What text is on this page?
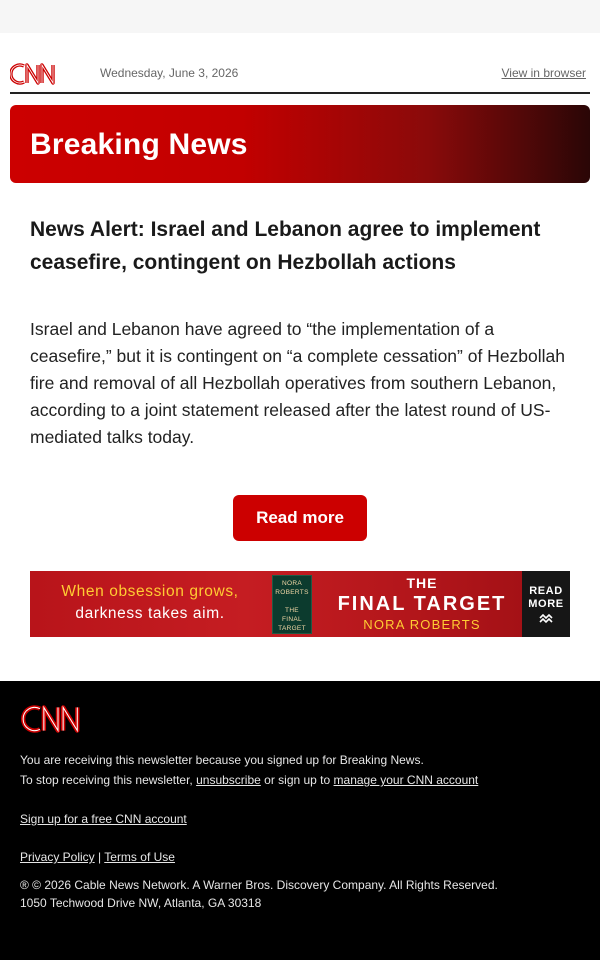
Wednesday, June 3, 2026	View in browser
Breaking News
News Alert: Israel and Lebanon agree to implement ceasefire, contingent on Hezbollah actions

Israel and Lebanon have agreed to “the implementation of a ceasefire,” but it is contingent on “a complete cessation” of Hezbollah fire and removal of all Hezbollah operatives from southern Lebanon, according to a joint statement released after the latest round of US-mediated talks today.

Read more
When obsession grows,
darkness takes aim.
NORA
ROBERTS
THE
FINAL
TARGET
THE
FINAL TARGET
NORA ROBERTS
READ
MORE
You are receiving this newsletter because you signed up for Breaking News.
To stop receiving this newsletter, unsubscribe or sign up to manage your CNN account
Sign up for a free CNN account
Privacy Policy | Terms of Use
® © 2026 Cable News Network. A Warner Bros. Discovery Company. All Rights Reserved.
1050 Techwood Drive NW, Atlanta, GA 30318
